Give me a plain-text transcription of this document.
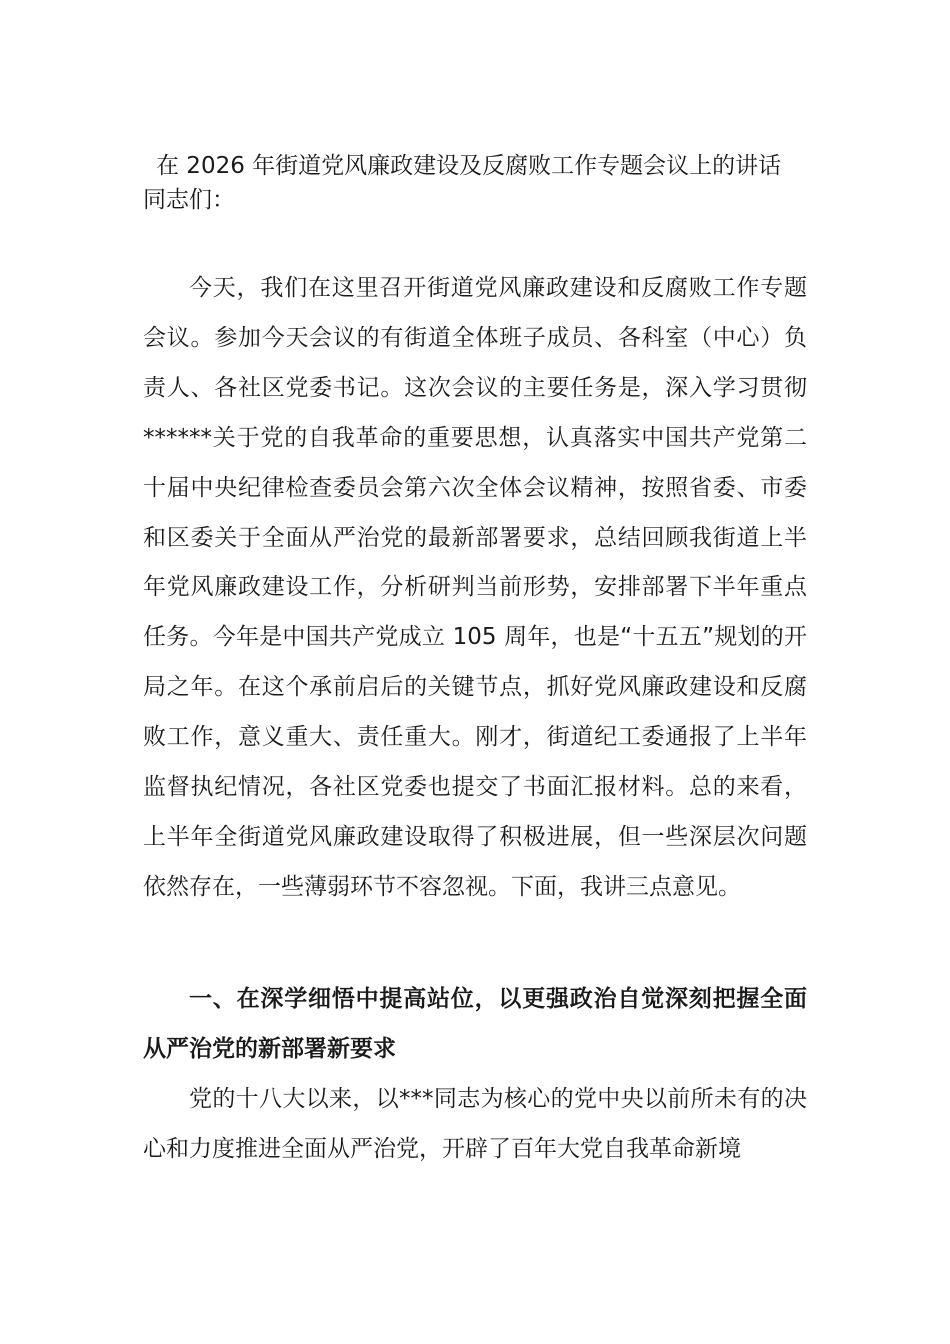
在 2026 年街道党风廉政建设及反腐败工作专题会议上的讲话
同志们：

今天，我们在这里召开街道党风廉政建设和反腐败工作专题会议。参加今天会议的有街道全体班子成员、各科室（中心）负责人、各社区党委书记。这次会议的主要任务是，深入学习贯彻******关于党的自我革命的重要思想，认真落实中国共产党第二十届中央纪律检查委员会第六次全体会议精神，按照省委、市委和区委关于全面从严治党的最新部署要求，总结回顾我街道上半年党风廉政建设工作，分析研判当前形势，安排部署下半年重点任务。今年是中国共产党成立 105 周年，也是“十五五”规划的开局之年。在这个承前启后的关键节点，抓好党风廉政建设和反腐败工作，意义重大、责任重大。刚才，街道纪工委通报了上半年监督执纪情况，各社区党委也提交了书面汇报材料。总的来看，上半年全街道党风廉政建设取得了积极进展，但一些深层次问题依然存在，一些薄弱环节不容忽视。下面，我讲三点意见。

一、在深学细悟中提高站位，以更强政治自觉深刻把握全面从严治党的新部署新要求

党的十八大以来，以***同志为核心的党中央以前所未有的决心和力度推进全面从严治党，开辟了百年大党自我革命新境
